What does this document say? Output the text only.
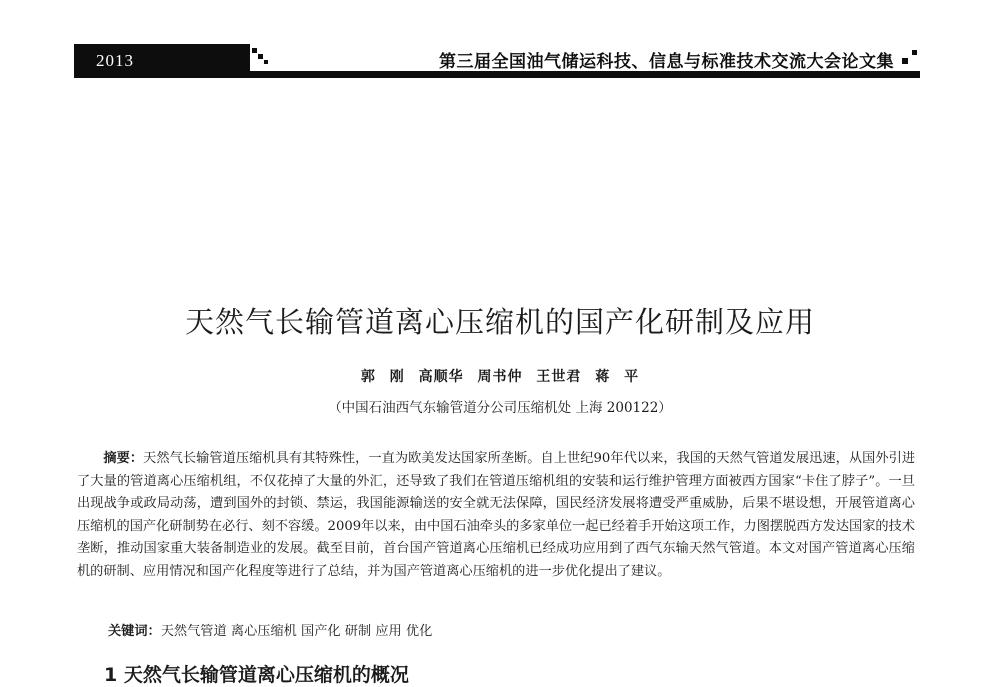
2013	第三届全国油气储运科技、信息与标准技术交流大会论文集
天然气长输管道离心压缩机的国产化研制及应用
郭 刚 高顺华 周书仲 王世君 蒋 平
（中国石油西气东输管道分公司压缩机处 上海 200122）
摘要：天然气长输管道压缩机具有其特殊性，一直为欧美发达国家所垄断。自上世纪90年代以来，我国的天然气管道发展迅速，从国外引进了大量的管道离心压缩机组，不仅花掉了大量的外汇，还导致了我们在管道压缩机组的安装和运行维护管理方面被西方国家“卡住了脖子”。一旦出现战争或政局动荡，遭到国外的封锁、禁运，我国能源输送的安全就无法保障，国民经济发展将遭受严重威胁，后果不堪设想，开展管道离心压缩机的国产化研制势在必行、刻不容缓。2009年以来，由中国石油牵头的多家单位一起已经着手开始这项工作，力图摆脱西方发达国家的技术垄断，推动国家重大装备制造业的发展。截至目前，首台国产管道离心压缩机已经成功应用到了西气东输天然气管道。本文对国产管道离心压缩机的研制、应用情况和国产化程度等进行了总结，并为国产管道离心压缩机的进一步优化提出了建议。
关键词：天然气管道 离心压缩机 国产化 研制 应用 优化
1 天然气长输管道离心压缩机的概况
